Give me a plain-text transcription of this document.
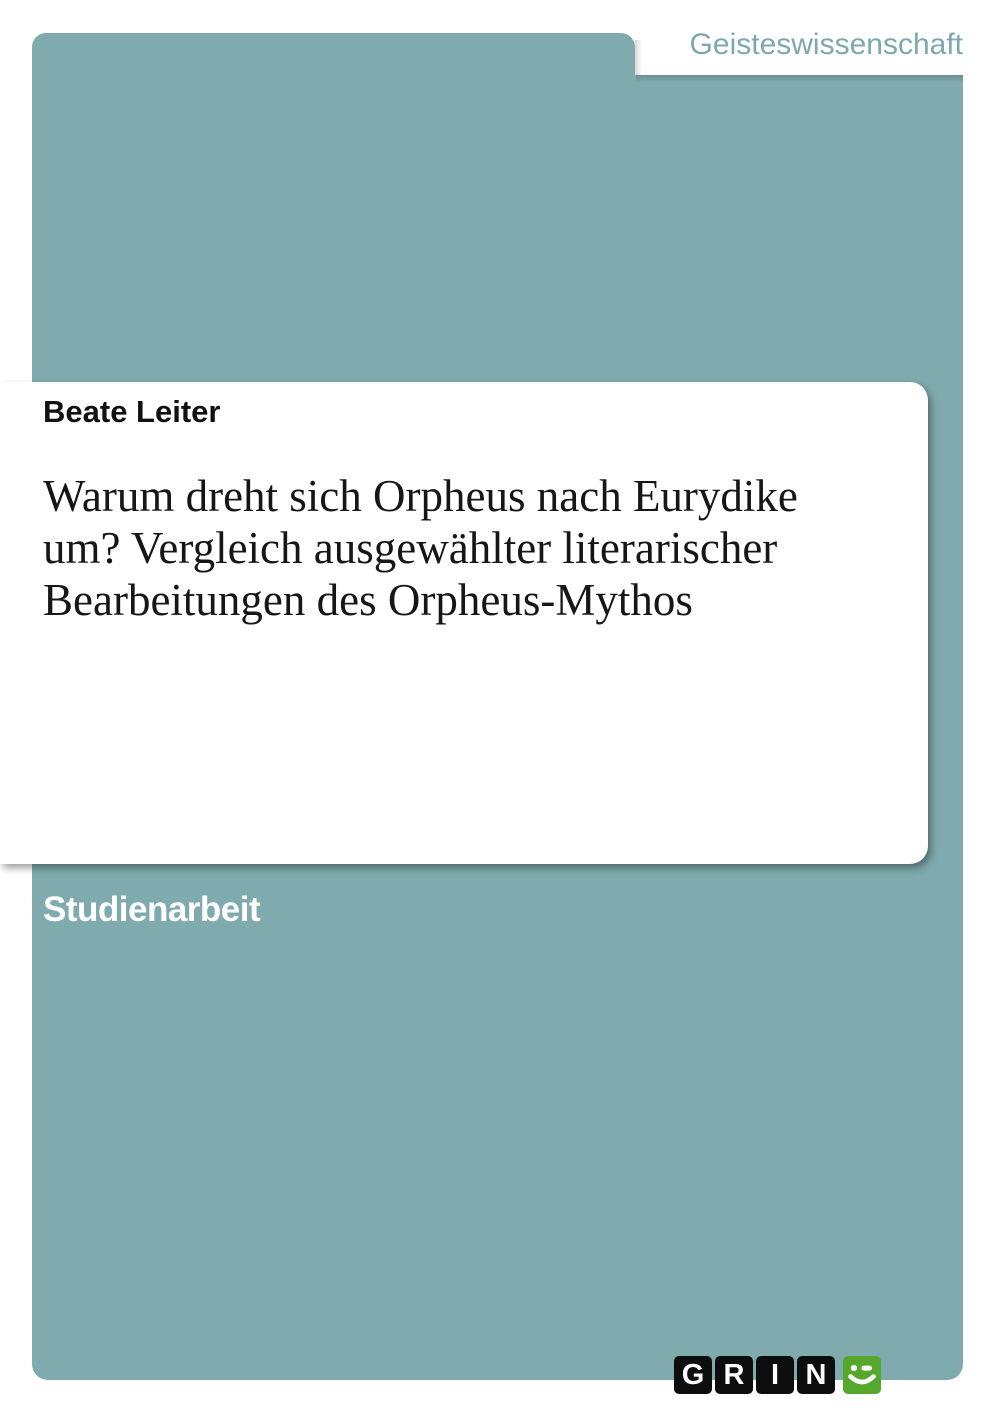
Geisteswissenschaft
Beate Leiter
Warum dreht sich Orpheus nach Eurydike
um? Vergleich ausgewählter literarischer
Bearbeitungen des Orpheus-Mythos
Studienarbeit
G R I N
